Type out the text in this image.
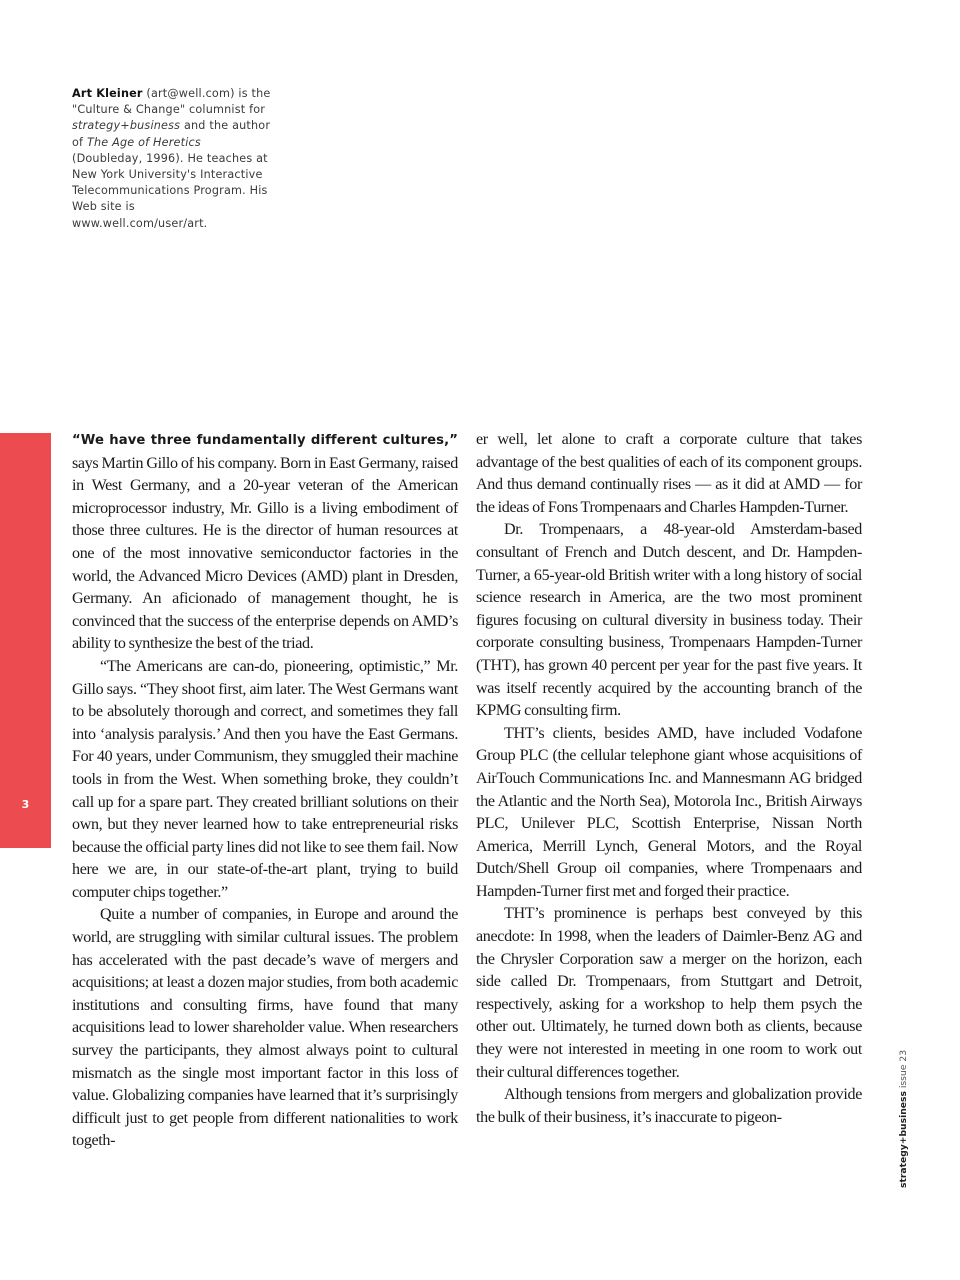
Art Kleiner (art@well.com) is the "Culture & Change" columnist for strategy+business and the author of The Age of Heretics (Doubleday, 1996). He teaches at New York University's Interactive Telecommunications Program. His Web site is www.well.com/user/art.
3

“We have three fundamentally different cultures,” says Martin Gillo of his company. Born in East Germany, raised in West Germany, and a 20-year veteran of the American microprocessor industry, Mr. Gillo is a living embodiment of those three cultures. He is the director of human resources at one of the most innovative semiconductor factories in the world, the Advanced Micro Devices (AMD) plant in Dresden, Germany. An aficionado of management thought, he is convinced that the success of the enterprise depends on AMD’s ability to synthesize the best of the triad.

“The Americans are can-do, pioneering, optimistic,” Mr. Gillo says. “They shoot first, aim later. The West Germans want to be absolutely thorough and correct, and sometimes they fall into ‘analysis paralysis.’ And then you have the East Germans. For 40 years, under Communism, they smuggled their machine tools in from the West. When something broke, they couldn’t call up for a spare part. They created brilliant solutions on their own, but they never learned how to take entrepreneurial risks because the official party lines did not like to see them fail. Now here we are, in our state-of-the-art plant, trying to build computer chips together.”

Quite a number of companies, in Europe and around the world, are struggling with similar cultural issues. The problem has accelerated with the past decade’s wave of mergers and acquisitions; at least a dozen major studies, from both academic institutions and consulting firms, have found that many acquisitions lead to lower shareholder value. When researchers survey the participants, they almost always point to cultural mismatch as the single most important factor in this loss of value. Globalizing companies have learned that it’s surprisingly difficult just to get people from different nationalities to work togeth-

er well, let alone to craft a corporate culture that takes advantage of the best qualities of each of its component groups. And thus demand continually rises — as it did at AMD — for the ideas of Fons Trompenaars and Charles Hampden-Turner.

Dr. Trompenaars, a 48-year-old Amsterdam-based consultant of French and Dutch descent, and Dr. Hampden-Turner, a 65-year-old British writer with a long history of social science research in America, are the two most prominent figures focusing on cultural diversity in business today. Their corporate consulting business, Trompenaars Hampden-Turner (THT), has grown 40 percent per year for the past five years. It was itself recently acquired by the accounting branch of the KPMG consulting firm.

THT’s clients, besides AMD, have included Vodafone Group PLC (the cellular telephone giant whose acquisitions of AirTouch Communications Inc. and Mannesmann AG bridged the Atlantic and the North Sea), Motorola Inc., British Airways PLC, Unilever PLC, Scottish Enterprise, Nissan North America, Merrill Lynch, General Motors, and the Royal Dutch/Shell Group oil companies, where Trompenaars and Hampden-Turner first met and forged their practice.

THT’s prominence is perhaps best conveyed by this anecdote: In 1998, when the leaders of Daimler-Benz AG and the Chrysler Corporation saw a merger on the horizon, each side called Dr. Trompenaars, from Stuttgart and Detroit, respectively, asking for a workshop to help them psych the other out. Ultimately, he turned down both as clients, because they were not interested in meeting in one room to work out their cultural differences together.

Although tensions from mergers and globalization provide the bulk of their business, it’s inaccurate to pigeon-	strategy+business issue 23
